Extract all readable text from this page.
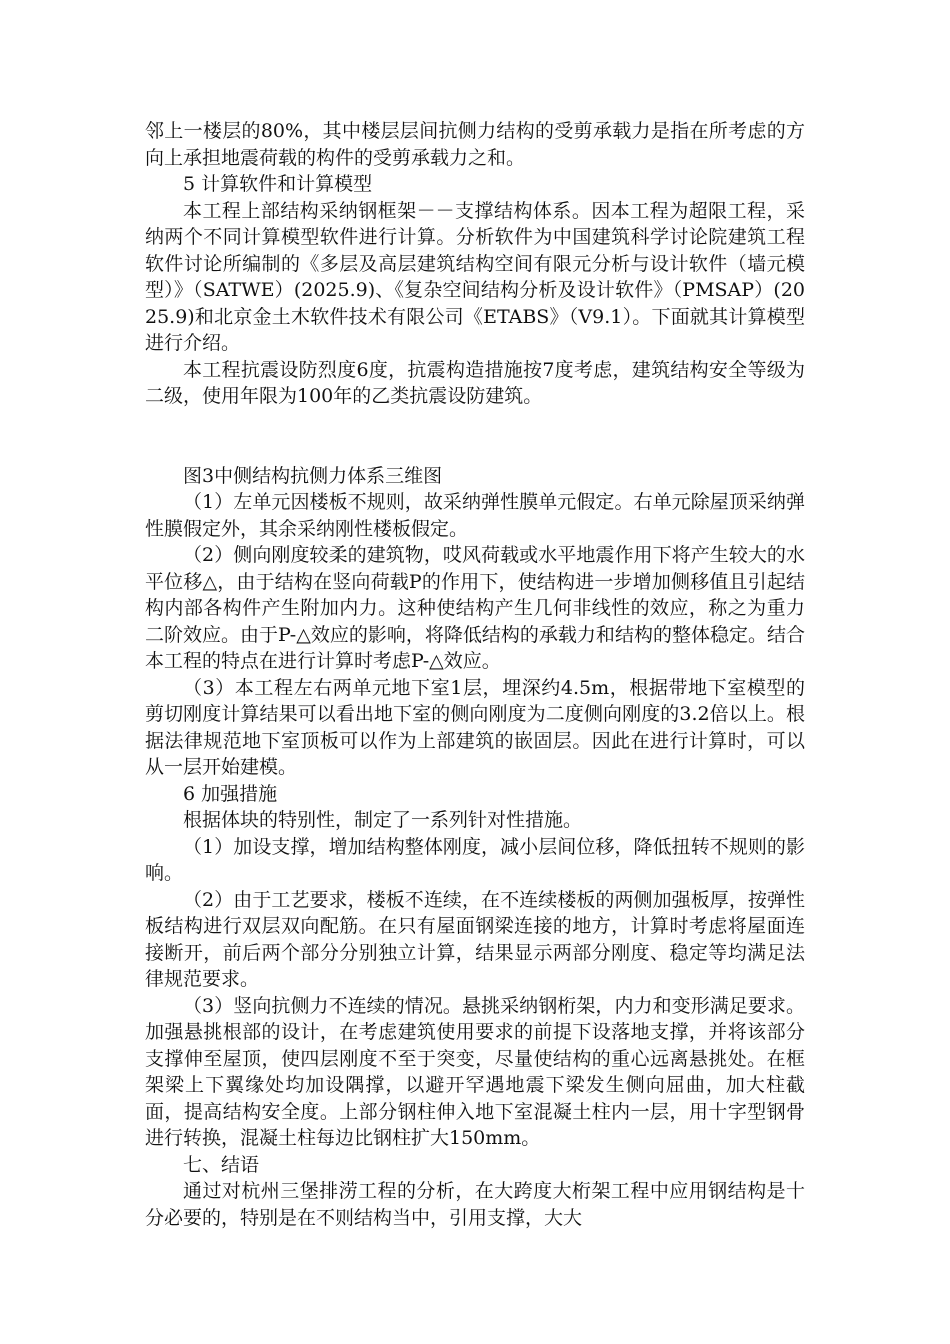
邻上一楼层的80%，其中楼层层间抗侧力结构的受剪承载力是指在所考虑的方向上承担地震荷载的构件的受剪承载力之和。

5 计算软件和计算模型

本工程上部结构采纳钢框架－－支撑结构体系。因本工程为超限工程，采纳两个不同计算模型软件进行计算。分析软件为中国建筑科学讨论院建筑工程软件讨论所编制的《多层及高层建筑结构空间有限元分析与设计软件（墙元模型）》（SATWE）(2025.9)、《复杂空间结构分析及设计软件》（PMSAP）(2025.9)和北京金土木软件技术有限公司《ETABS》（V9.1）。下面就其计算模型进行介绍。

本工程抗震设防烈度6度，抗震构造措施按7度考虑，建筑结构安全等级为二级，使用年限为100年的乙类抗震设防建筑。

图3中侧结构抗侧力体系三维图

（1）左单元因楼板不规则，故采纳弹性膜单元假定。右单元除屋顶采纳弹性膜假定外，其余采纳刚性楼板假定。

（2）侧向刚度较柔的建筑物，哎风荷载或水平地震作用下将产生较大的水平位移△，由于结构在竖向荷载P的作用下，使结构进一步增加侧移值且引起结构内部各构件产生附加内力。这种使结构产生几何非线性的效应，称之为重力二阶效应。由于P-△效应的影响，将降低结构的承载力和结构的整体稳定。结合本工程的特点在进行计算时考虑P-△效应。

（3）本工程左右两单元地下室1层，埋深约4.5m，根据带地下室模型的剪切刚度计算结果可以看出地下室的侧向刚度为二度侧向刚度的3.2倍以上。根据法律规范地下室顶板可以作为上部建筑的嵌固层。因此在进行计算时，可以从一层开始建模。

6 加强措施

根据体块的特别性，制定了一系列针对性措施。

（1）加设支撑，增加结构整体刚度，减小层间位移，降低扭转不规则的影响。

（2）由于工艺要求，楼板不连续，在不连续楼板的两侧加强板厚，按弹性板结构进行双层双向配筋。在只有屋面钢梁连接的地方，计算时考虑将屋面连接断开，前后两个部分分别独立计算，结果显示两部分刚度、稳定等均满足法律规范要求。

（3）竖向抗侧力不连续的情况。悬挑采纳钢桁架，内力和变形满足要求。加强悬挑根部的设计，在考虑建筑使用要求的前提下设落地支撑，并将该部分支撑伸至屋顶，使四层刚度不至于突变，尽量使结构的重心远离悬挑处。在框架梁上下翼缘处均加设隅撑，以避开罕遇地震下梁发生侧向屈曲，加大柱截面，提高结构安全度。上部分钢柱伸入地下室混凝土柱内一层，用十字型钢骨进行转换，混凝土柱每边比钢柱扩大150mm。

七、结语

通过对杭州三堡排涝工程的分析，在大跨度大桁架工程中应用钢结构是十分必要的，特别是在不则结构当中，引用支撑，大大
